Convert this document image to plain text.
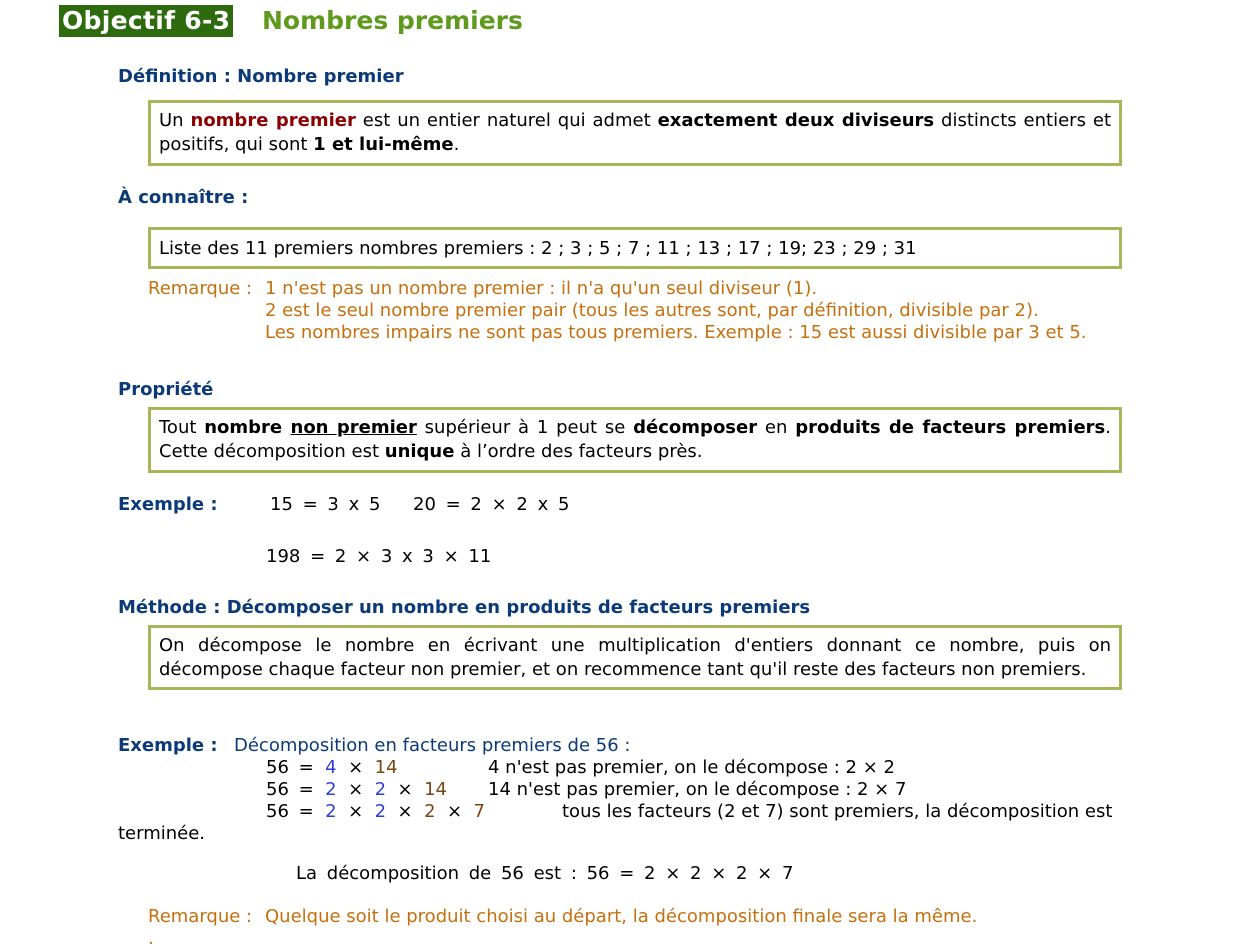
Objectif 6-3 Nombres premiers
Définition : Nombre premier
Un nombre premier est un entier naturel qui admet exactement deux diviseurs distincts entiers et positifs, qui sont 1 et lui-même.
À connaître :
Liste des 11 premiers nombres premiers : 2 ; 3 ; 5 ; 7 ; 11 ; 13 ; 17 ; 19; 23 ; 29 ; 31
Remarque : 1 n'est pas un nombre premier : il n'a qu'un seul diviseur (1).
2 est le seul nombre premier pair (tous les autres sont, par définition, divisible par 2).
Les nombres impairs ne sont pas tous premiers. Exemple : 15 est aussi divisible par 3 et 5.
Propriété
Tout nombre non premier supérieur à 1 peut se décomposer en produits de facteurs premiers. Cette décomposition est unique à l’ordre des facteurs près.
Exemple :	15 = 3 x 5 20 = 2 × 2 x 5
198 = 2 × 3 x 3 × 11
Méthode : Décomposer un nombre en produits de facteurs premiers
On décompose le nombre en écrivant une multiplication d'entiers donnant ce nombre, puis on décompose chaque facteur non premier, et on recommence tant qu'il reste des facteurs non premiers.
Exemple : Décomposition en facteurs premiers de 56 :
56 = 4 × 14	4 n'est pas premier, on le décompose : 2 × 2
56 = 2 × 2 × 14 14 n'est pas premier, on le décompose : 2 × 7
56 = 2 × 2 × 2 × 7	tous les facteurs (2 et 7) sont premiers, la décomposition est
terminée.
La décomposition de 56 est : 56 = 2 × 2 × 2 × 7
Remarque : Quelque soit le produit choisi au départ, la décomposition finale sera la même.
.
